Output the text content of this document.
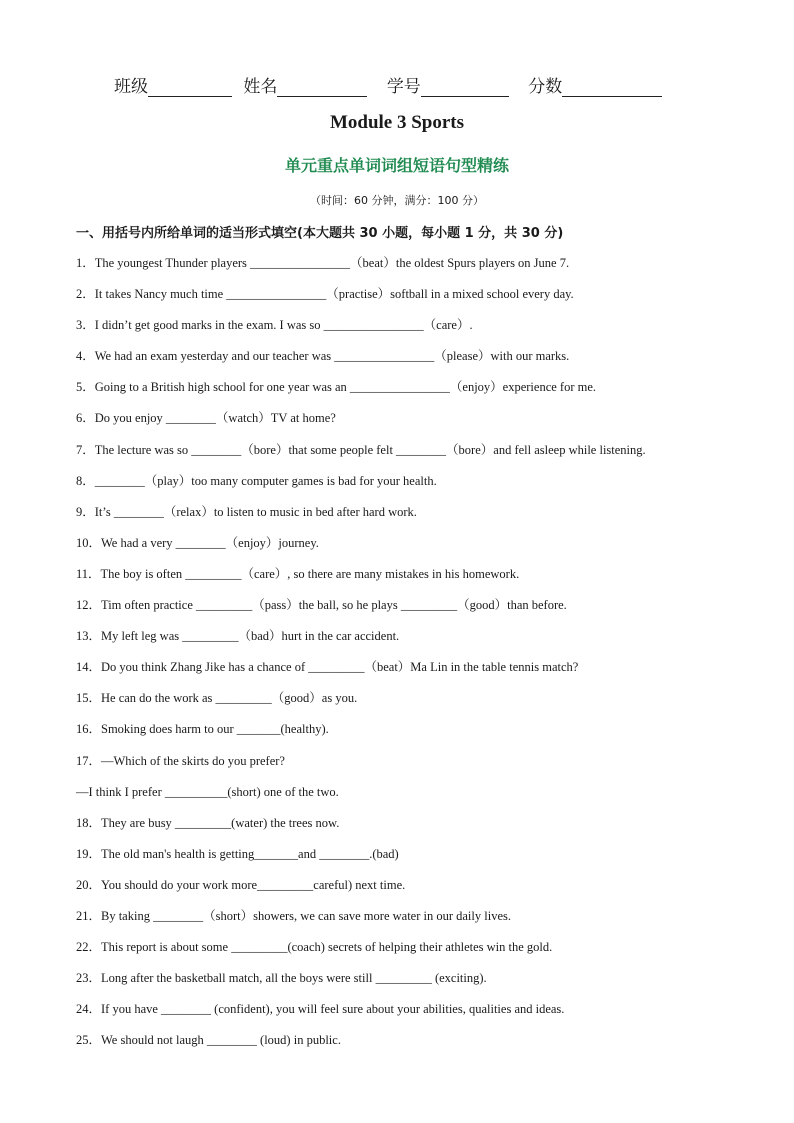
班级	姓名	学号	分数
Module 3 Sports
单元重点单词词组短语句型精练
（时间：60 分钟，满分：100 分）
一、用括号内所给单词的适当形式填空(本大题共 30 小题，每小题 1 分，共 30 分)
1．The youngest Thunder players ________________（beat）the oldest Spurs players on June 7.
2．It takes Nancy much time ________________（practise）softball in a mixed school every day.
3．I didn’t get good marks in the exam. I was so ________________（care）.
4．We had an exam yesterday and our teacher was ________________（please）with our marks.
5．Going to a British high school for one year was an ________________（enjoy）experience for me.
6．Do you enjoy ________（watch）TV at home?
7．The lecture was so ________（bore）that some people felt ________（bore）and fell asleep while listening.
8．________（play）too many computer games is bad for your health.
9．It’s ________（relax）to listen to music in bed after hard work.
10．We had a very ________（enjoy）journey.
11．The boy is often _________（care）, so there are many mistakes in his homework.
12．Tim often practice _________（pass）the ball, so he plays _________（good）than before.
13．My left leg was _________（bad）hurt in the car accident.
14．Do you think Zhang Jike has a chance of _________（beat）Ma Lin in the table tennis match?
15．He can do the work as _________（good）as you.
16．Smoking does harm to our _______(healthy).
17．—Which of the skirts do you prefer?
—I think I prefer __________(short) one of the two.
18．They are busy _________(water) the trees now.
19．The old man's health is getting_______and ________.(bad)
20．You should do your work more_________careful) next time.
21．By taking ________（short）showers, we can save more water in our daily lives.
22．This report is about some _________(coach) secrets of helping their athletes win the gold.
23．Long after the basketball match, all the boys were still _________ (exciting).
24．If you have ________ (confident), you will feel sure about your abilities, qualities and ideas.
25．We should not laugh ________ (loud) in public.
